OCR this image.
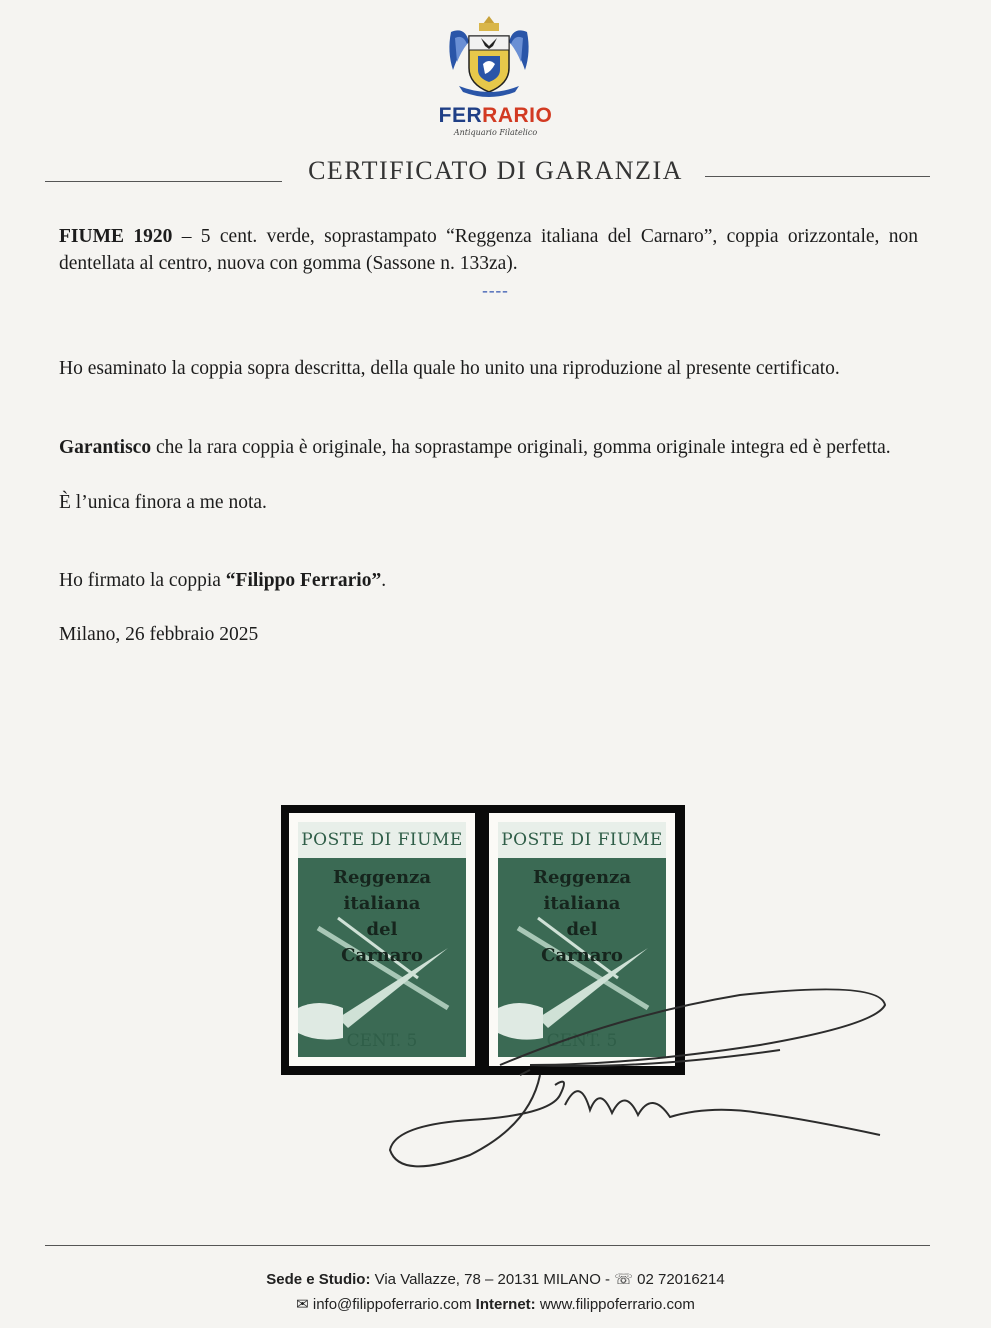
FERRARIO
Antiquario Filatelico
CERTIFICATO DI GARANZIA

FIUME 1920 – 5 cent. verde, soprastampato “Reggenza italiana del Carnaro”, coppia orizzontale, non dentellata al centro, nuova con gomma (Sassone n. 133za).

----

Ho esaminato la coppia sopra descritta, della quale ho unito una riproduzione al presente certificato.

Garantisco che la rara coppia è originale, ha soprastampe originali, gomma originale integra ed è perfetta.

È l’unica finora a me nota.

Ho firmato la coppia “Filippo Ferrario”.

Milano, 26 febbraio 2025

POSTE DI FIUME
Reggenza
italiana
del
Carnaro
CENT. 5
POSTE DI FIUME
Reggenza
italiana
del
Carnaro
CENT. 5
Sede e Studio: Via Vallazze, 78 – 20131 MILANO - ☏ 02 72016214
✉ info@filippoferrario.com Internet: www.filippoferrario.com
